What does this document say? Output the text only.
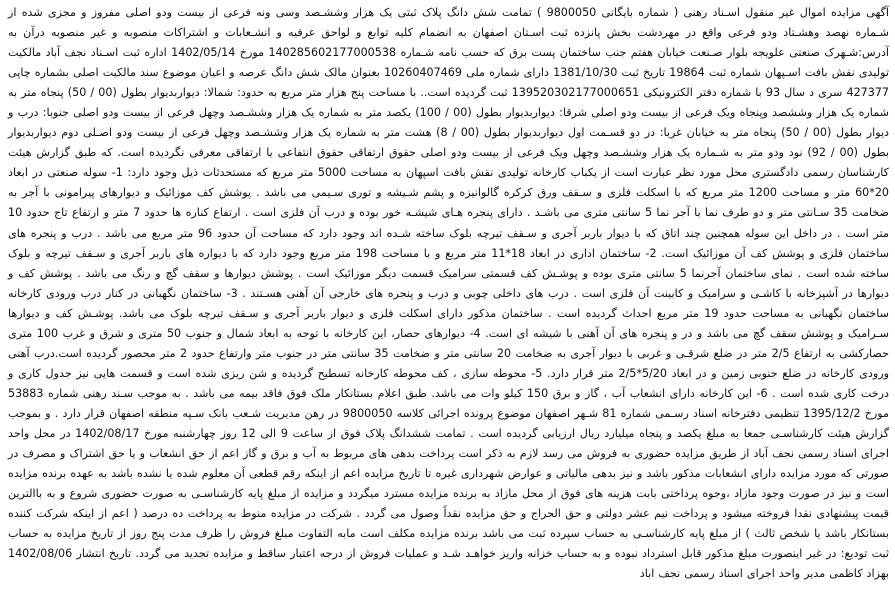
آگهی مزایده اموال غیر منقول اسـناد رهنی ( شماره بایگانی 9800050 ) تمامت شش دانگ پلاک ثبتی یک هزار وششـصد وسی ونه فرعی از بیست ودو اصلی مفروز و مجزی شده از شـماره نهصد وهشـتاد ودو فرعی واقع در مهردشت بخش پانزده ثبت اسـتان اصفهان به انضمام کلیه توابع و لواحق عرفیه و انشـعابات و اشتراکات منصوبه و غیر منصوبه درآن به آدرس:شـهرک صنعتی علویجه بلوار صـنعت خیابان هفتم جنب ساختمان پست برق که حسب نامه شـماره 140285602177000538 مورخ 1402/05/14 اداره ثبت اسـناد نجف آباد مالکیت تولیدی نقش بافت اسـپهان شماره ثبت 19864 تاریخ ثبت 1381/10/30 دارای شماره ملی 10260407469 بعنوان مالک شش دانگ عرصه و اعیان موضوع سند مالکیت اصلی بشماره چاپی 427377 سری د سال 93 با شماره دفتر الکترونیکی 139520302177000651 ثبت گردیده است.. با مساحت پنج هزار متر مربع به حدود: شمالا: دیواربدیوار بطول (00 / 50) پنجاه متر به شماره یک هزار وششصد وپنجاه ویک فرعی از بیست ودو اصلی شرقا: دیواربدیوار بطول (00 / 100) یکصد متر به شماره یک هزار وششـصد وچهل فرعی از بیست ودو اصلی جنوبا: درب و دیوار بطول (00 / 50) پنجاه متر به خیابان غربا: در دو قسـمت اول دیواربدیوار بطول (00 / 8) هشت متر به شماره یک هزار وششـصد وچهل فرعی از بیست ودو اصـلی دوم دیواربدیوار بطول (00 / 92) نود ودو متر به شـماره یک هزار وششـصد وچهل ویک فرعی از بیست ودو اصلی حقوق ارتفاقی حقوق انتفاعی یا ارتفاقی معرفی نگردیده است. که طبق گزارش هیئت کارشناسان رسمی دادگستری محل مورد نظر عبارت است از یکباب کارخانه تولیدی نقش بافت اسپهان به مساحت 5000 متر مربع که مستحدثات ذیل وجود دارد: 1- سوله صنعتی در ابعاد 20*60 متر و مساحت 1200 متر مربع که با اسکلت فلزی و سـقف ورق کرکره گالوانیزه و پشم شـیشه و توری سـیمی می باشد . پوشش کف موزائیک و دیوارهای پیرامونی با آجر به ضخامت 35 سـانتی متر و دو طرف نما با آجر نما 5 سانتی متری می باشـد . دارای پنجره هـای شیشـه خور بوده و درب آن فلزی است . ارتفاع کناره ها حدود 7 متر و ارتفاع تاج حدود 10 متر است . در داخل این سوله همچنین چند اتاق که با دیوار باربر آجری و سـقف تیرچه بلوک ساخته شـده اند وجود دارد که مساحت آن حدود 96 متر مربع می باشد . درب و پنجره های ساختمان فلزی و پوشش کف آن موزائیک است. 2- ساختمان اداری در ابعاد 18*11 متر مربع و با مساحت 198 متر مربع وجود دارد که با دیواره های باربر آجری و سـقف تیرچه و بلوک ساخته شده است . نمای ساختمان آجرنما 5 سانتی متری بوده و پوشـش کف قسمتی سرامیک قسمت دیگر موزائیک است . پوشش دیوارها و سقف گچ و رنگ می باشد . پوشش کف و دیوارها در آشپزخانه با کاشـی و سرامیک و کابینت آن فلزی است . درب های داخلی چوبی و درب و پنجره های خارجی آن آهنی هسـتند . 3- ساختمان نگهبانی در کنار درب ورودی کارخانه ساختمان نگهبانی به مساحت حدود 19 متر مربع احداث گردیده است . ساختمان مذکور دارای اسکلت فلزی و دیوار باربر آجری و سـقف تیرچه بلوک می باشد. پوشـش کف و دیوارها سـرامیک و پوشش سقف گچ می باشد و در و پنجره های آن آهنی با شیشه ای است. 4- دیوارهای حصار، این کارخانه با توجه به ابعاد شمال و جنوب 50 متری و شرق و غرب 100 متری حصارکشی به ارتفاع 2/5 متر در ضلع شرقـی و غربی با دیوار آجری به ضخامت 20 سانتی متر و ضخامت 35 سانتی متر در جنوب متر وارتفاع حدود 2 متر محصور گردیده است.درب آهنی ورودی کارخانه در ضلع جنوبی زمین و در ابعاد 5/20*2/5 متر قرار دارد. 5- محوطه سازی ، کف محوطه کارخانه تسطیح گردیده و شن ریزی شده است و قسمت هایی نیز جدول کاری و درخت کاری شده است . 6- این کارخانه دارای انشعاب آب ، گاز و برق 150 کیلو وات می باشد. طبق اعلام بستانکار ملک فوق فاقد بیمه می باشد . به موجب سـند رهنی شماره 53883 مورخ 1395/12/2 تنظیمی دفترخانه اسناد رسـمی شماره 81 شـهر اصفهان موضوع پرونده اجرائی کلاسه 9800050 در رهن مدیریت شـعب بانک سـپه منطقه اصفهان قرار دارد . و بموجب گزارش هیئت کارشناسـی جمعا به مبلغ یکصد و پنجاه میلیارد ریال ارزیابی گردیده است . تمامت ششدانگ پلاک فوق از ساعت 9 الی 12 روز چهارشنبه مورخ 1402/08/17 در محل واحد اجرای اسناد رسمی نجف آباد از طریق مزایده حضوری به فروش می رسد لازم به ذکر است پرداخت بدهی های مربوط به آب و برق و گاز اعم از حق انشعاب و یا حق اشتراک و مصرف در صورتی که مورد مزایده دارای انشعابات مذکور باشد و نیز بدهی مالیاتی و عوارض شهرداری غیره تا تاریخ مزایده اعم از اینکه رقم قطعی آن معلوم شده یا نشده باشد به عهده برنده مزایده است و نیز در صورت وجود مازاد ،وجوه پرداختی بابت هزینه های فوق از محل مازاد به برنده مزایده مسترد میگردد و مزایده از مبلغ پایه کارشناسـی به صورت حضوری شروع و به باالترین قیمت پیشنهادی نقدا فروخته میشود و پرداخت نیم عشر دولتی و حق الحراج و حق مزایده نقداً وصول می گردد . شرکت در مزایده منوط به پرداخت ده درصد ( اعم از اینکه شرکت کننده بستانکار باشد یا شخص ثالث ) از مبلغ پایه کارشناسـی به حساب سپرده ثبت می باشد برنده مزایده مکلف است مابه التفاوت مبلغ فروش را ظرف مدت پنج روز از تاریخ مزایده به حساب ثبت تودیع: در غیر اینصورت مبلغ مذکور قابل استرداد نبوده و به حساب خزانه واریز خواهـد شـد و عملیات فروش از درجه اعتبار ساقط و مزایده تجدید می گردد. تاریخ انتشار 1402/08/06 بهزاد کاظمی مدیر واحد اجرای اسناد رسمی نجف اباد
